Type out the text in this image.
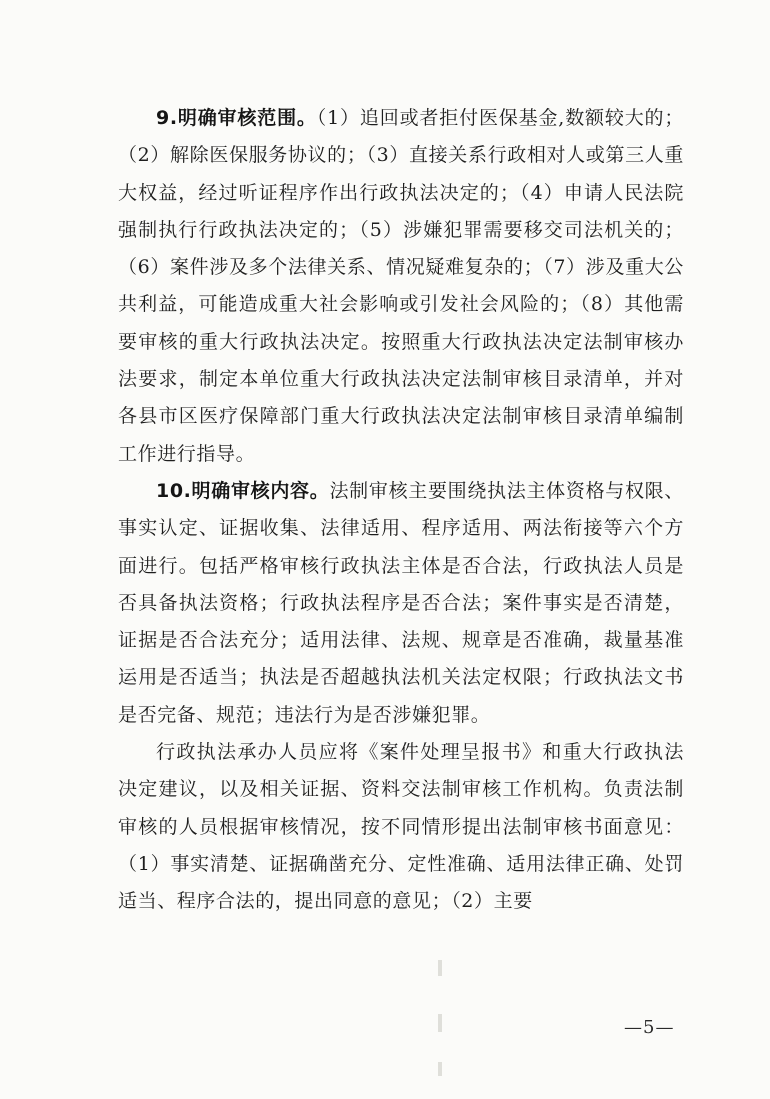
9.明确审核范围。（1）追回或者拒付医保基金,数额较大的；（2）解除医保服务协议的；（3）直接关系行政相对人或第三人重大权益，经过听证程序作出行政执法决定的；（4）申请人民法院强制执行行政执法决定的；（5）涉嫌犯罪需要移交司法机关的；（6）案件涉及多个法律关系、情况疑难复杂的；（7）涉及重大公共利益，可能造成重大社会影响或引发社会风险的；（8）其他需要审核的重大行政执法决定。按照重大行政执法决定法制审核办法要求，制定本单位重大行政执法决定法制审核目录清单，并对各县市区医疗保障部门重大行政执法决定法制审核目录清单编制工作进行指导。

10.明确审核内容。法制审核主要围绕执法主体资格与权限、事实认定、证据收集、法律适用、程序适用、两法衔接等六个方面进行。包括严格审核行政执法主体是否合法，行政执法人员是否具备执法资格；行政执法程序是否合法；案件事实是否清楚，证据是否合法充分；适用法律、法规、规章是否准确，裁量基准运用是否适当；执法是否超越执法机关法定权限；行政执法文书是否完备、规范；违法行为是否涉嫌犯罪。

行政执法承办人员应将《案件处理呈报书》和重大行政执法决定建议，以及相关证据、资料交法制审核工作机构。负责法制审核的人员根据审核情况，按不同情形提出法制审核书面意见：（1）事实清楚、证据确凿充分、定性准确、适用法律正确、处罚适当、程序合法的，提出同意的意见；（2）主要

—5—
